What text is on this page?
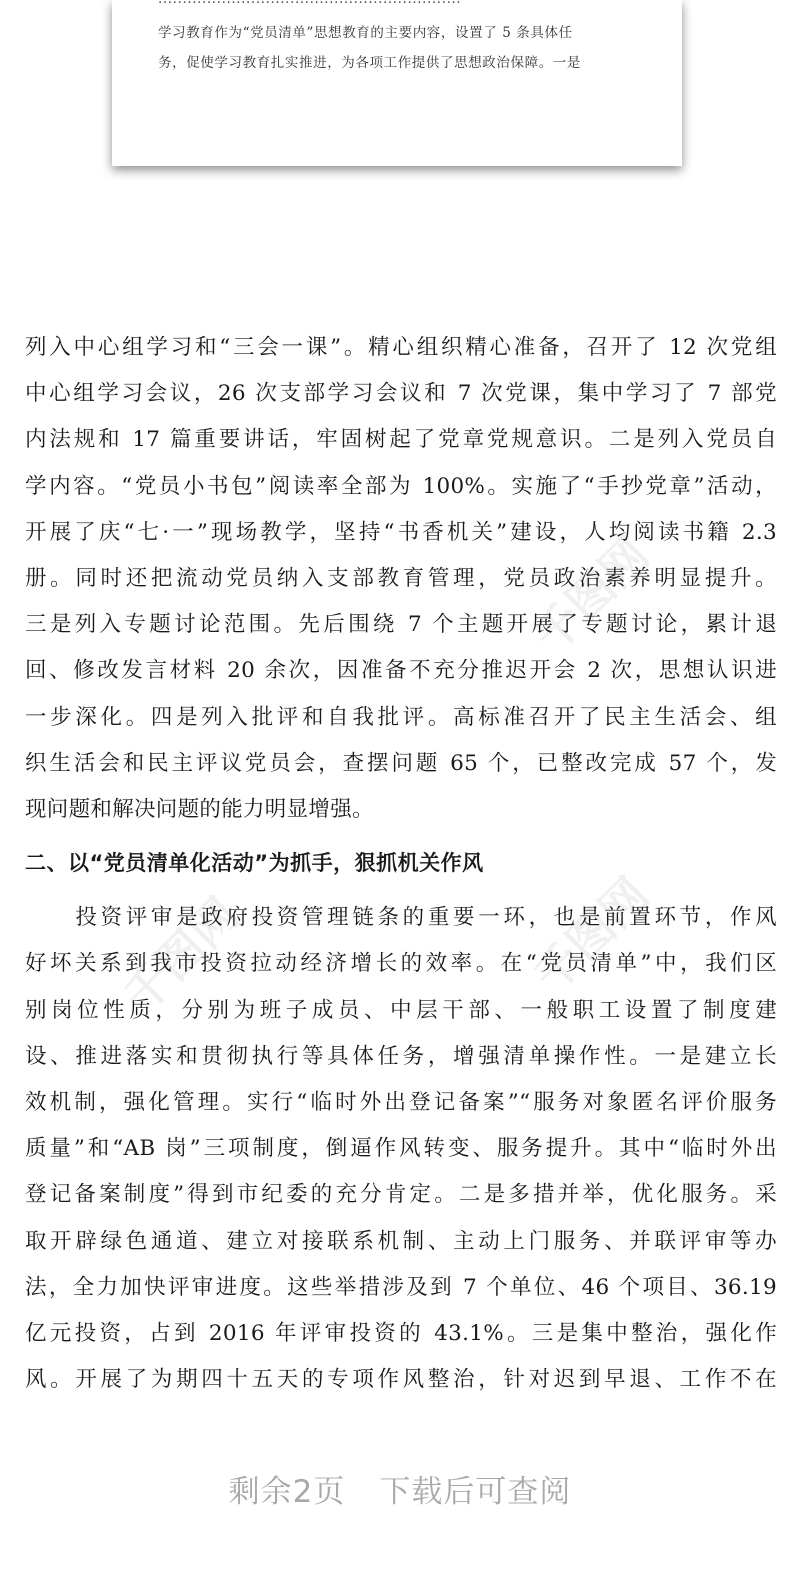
······························································
学习教育作为“党员清单”思想教育的主要内容，设置了 5 条具体任
务，促使学习教育扎实推进，为各项工作提供了思想政治保障。一是
千图网
千图网	千图网
列入中心组学习和“三会一课”。精心组织精心准备，召开了 12 次党组
中心组学习会议，26 次支部学习会议和 7 次党课，集中学习了 7 部党
内法规和 17 篇重要讲话，牢固树起了党章党规意识。二是列入党员自
学内容。“党员小书包”阅读率全部为 100%。实施了“手抄党章”活动，
开展了庆“七·一”现场教学，坚持“书香机关”建设，人均阅读书籍 2.3
册。同时还把流动党员纳入支部教育管理，党员政治素养明显提升。
三是列入专题讨论范围。先后围绕 7 个主题开展了专题讨论，累计退
回、修改发言材料 20 余次，因准备不充分推迟开会 2 次，思想认识进
一步深化。四是列入批评和自我批评。高标准召开了民主生活会、组
织生活会和民主评议党员会，查摆问题 65 个，已整改完成 57 个，发
现问题和解决问题的能力明显增强。
二、以“党员清单化活动”为抓手，狠抓机关作风
　　投资评审是政府投资管理链条的重要一环，也是前置环节，作风
好坏关系到我市投资拉动经济增长的效率。在“党员清单”中，我们区
别岗位性质，分别为班子成员、中层干部、一般职工设置了制度建
设、推进落实和贯彻执行等具体任务，增强清单操作性。一是建立长
效机制，强化管理。实行“临时外出登记备案”“服务对象匿名评价服务
质量”和“AB 岗”三项制度，倒逼作风转变、服务提升。其中“临时外出
登记备案制度”得到市纪委的充分肯定。二是多措并举，优化服务。采
取开辟绿色通道、建立对接联系机制、主动上门服务、并联评审等办
法，全力加快评审进度。这些举措涉及到 7 个单位、46 个项目、36.19
亿元投资，占到 2016 年评审投资的 43.1%。三是集中整治，强化作
风。开展了为期四十五天的专项作风整治，针对迟到早退、工作不在
剩余2页 下载后可查阅
